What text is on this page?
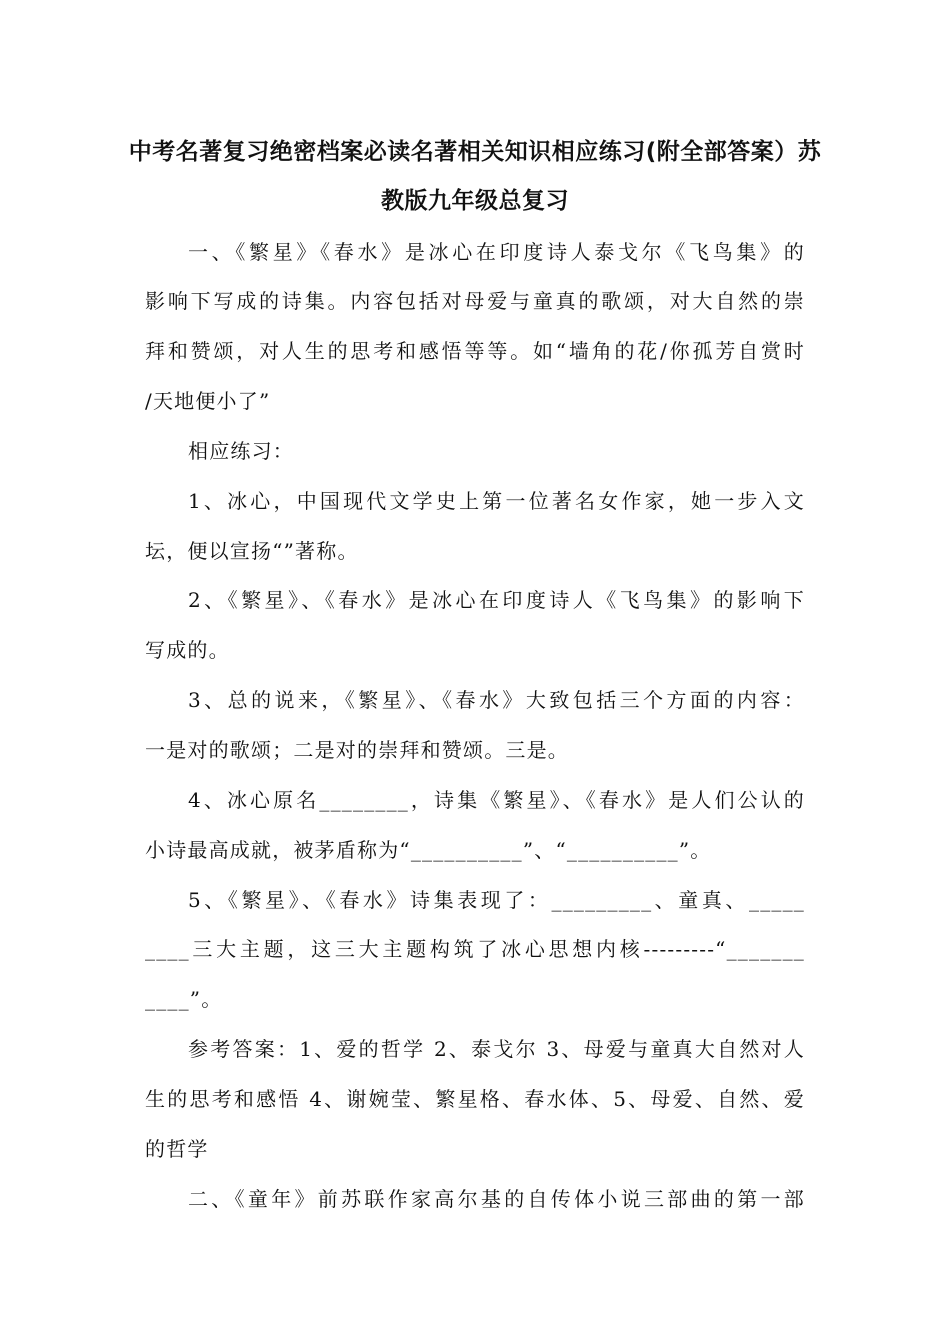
中考名著复习绝密档案必读名著相关知识相应练习(附全部答案）苏
教版九年级总复习
一、《繁星》《春水》是冰心在印度诗人泰戈尔《飞鸟集》的
影响下写成的诗集。内容包括对母爱与童真的歌颂，对大自然的崇
拜和赞颂，对人生的思考和感悟等等。如“墙角的花/你孤芳自赏时
/天地便小了”
相应练习：
1、冰心，中国现代文学史上第一位著名女作家，她一步入文
坛，便以宣扬“”著称。
2、《繁星》、《春水》是冰心在印度诗人《飞鸟集》的影响下
写成的。
3、总的说来，《繁星》、《春水》大致包括三个方面的内容：
一是对的歌颂；二是对的崇拜和赞颂。三是。
4、冰心原名________，诗集《繁星》、《春水》是人们公认的
小诗最高成就，被茅盾称为“__________”、“__________”。
5、《繁星》、《春水》诗集表现了：_________、童真、_____
____三大主题，这三大主题构筑了冰心思想内核---------“_______
____”。
参考答案：1、爱的哲学 2、泰戈尔 3、母爱与童真大自然对人
生的思考和感悟 4、谢婉莹、繁星格、春水体、5、母爱、自然、爱
的哲学
二、《童年》前苏联作家高尔基的自传体小说三部曲的第一部
